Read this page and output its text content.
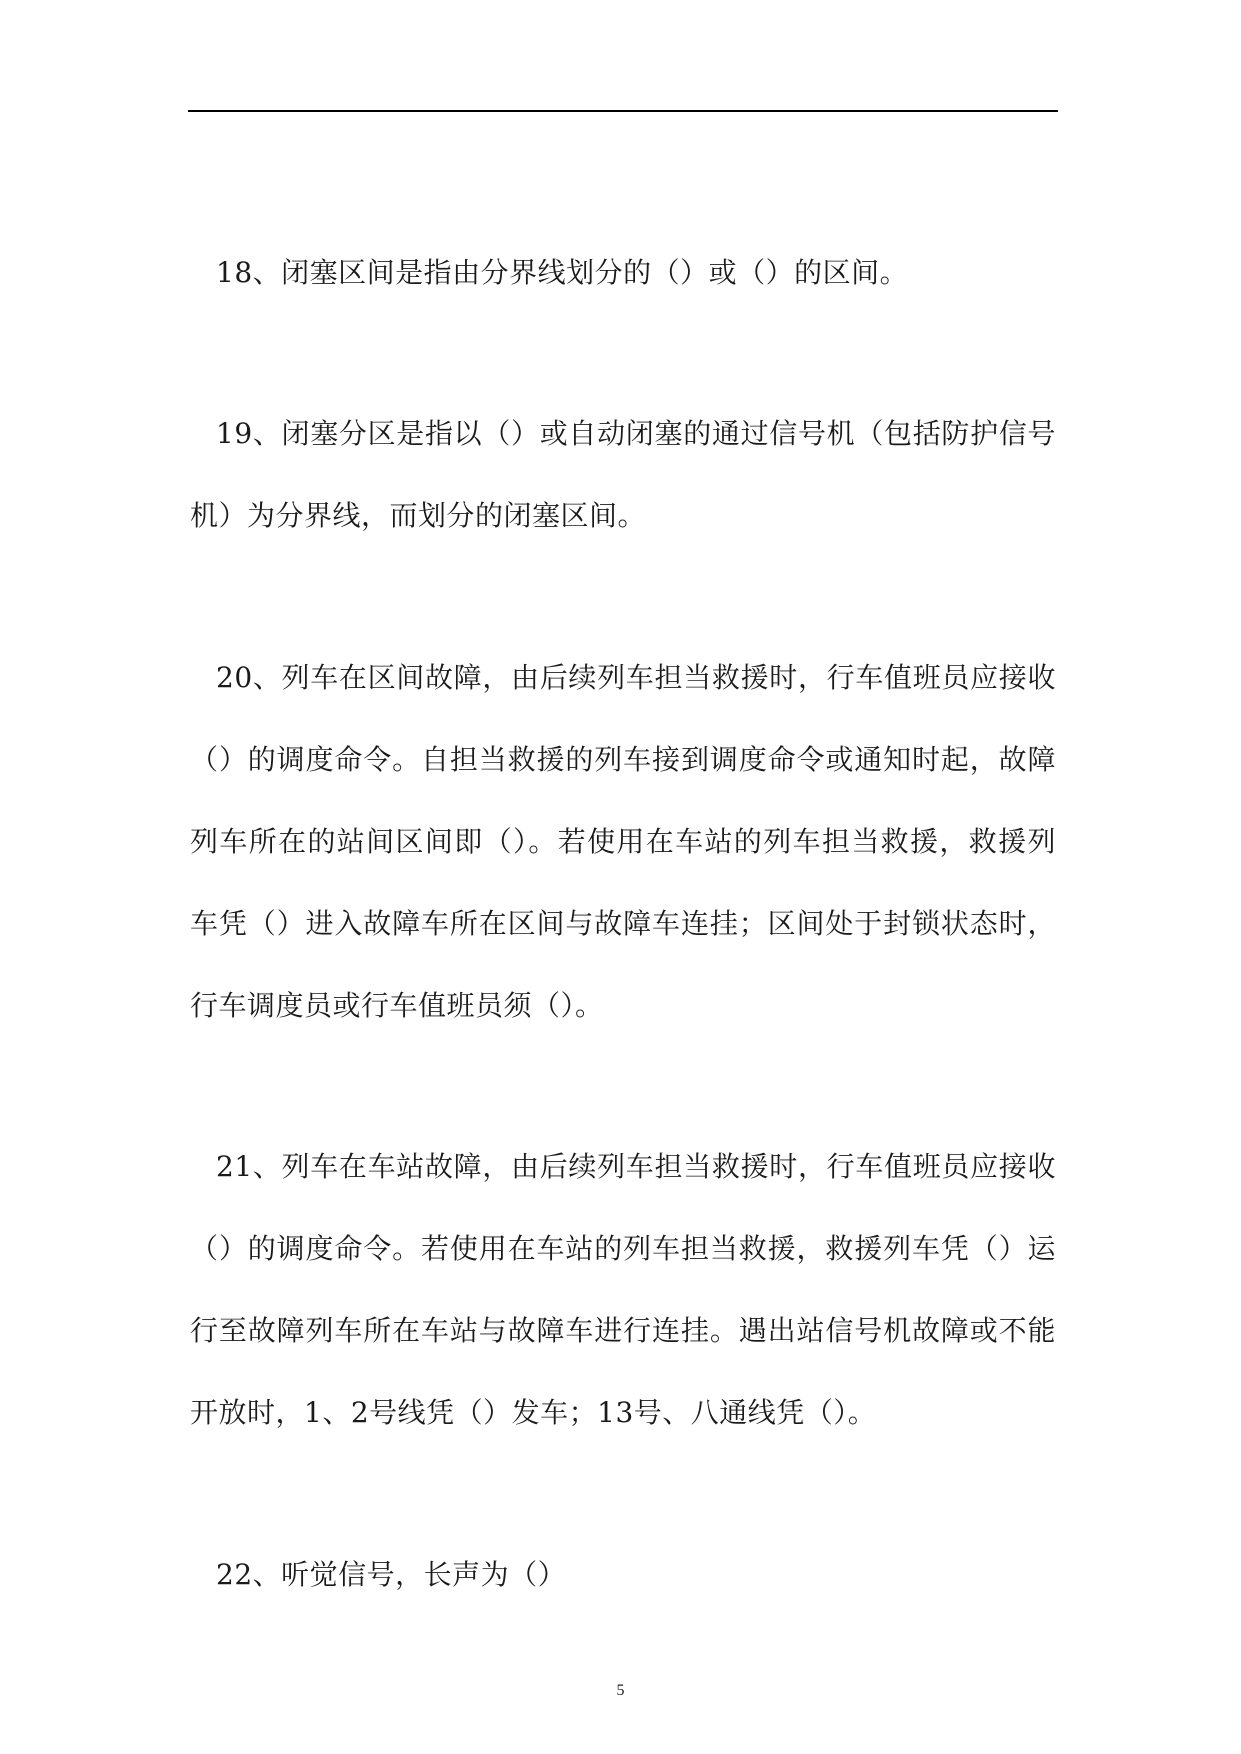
18、闭塞区间是指由分界线划分的（）或（）的区间。

19、闭塞分区是指以（）或自动闭塞的通过信号机（包括防护信号机）为分界线，而划分的闭塞区间。

20、列车在区间故障，由后续列车担当救援时，行车值班员应接收（）的调度命令。自担当救援的列车接到调度命令或通知时起，故障列车所在的站间区间即（）。若使用在车站的列车担当救援，救援列车凭（）进入故障车所在区间与故障车连挂；区间处于封锁状态时，行车调度员或行车值班员须（）。

21、列车在车站故障，由后续列车担当救援时，行车值班员应接收（）的调度命令。若使用在车站的列车担当救援，救援列车凭（）运行至故障列车所在车站与故障车进行连挂。遇出站信号机故障或不能开放时，1、2号线凭（）发车；13号、八通线凭（）。

22、听觉信号，长声为（）

5
